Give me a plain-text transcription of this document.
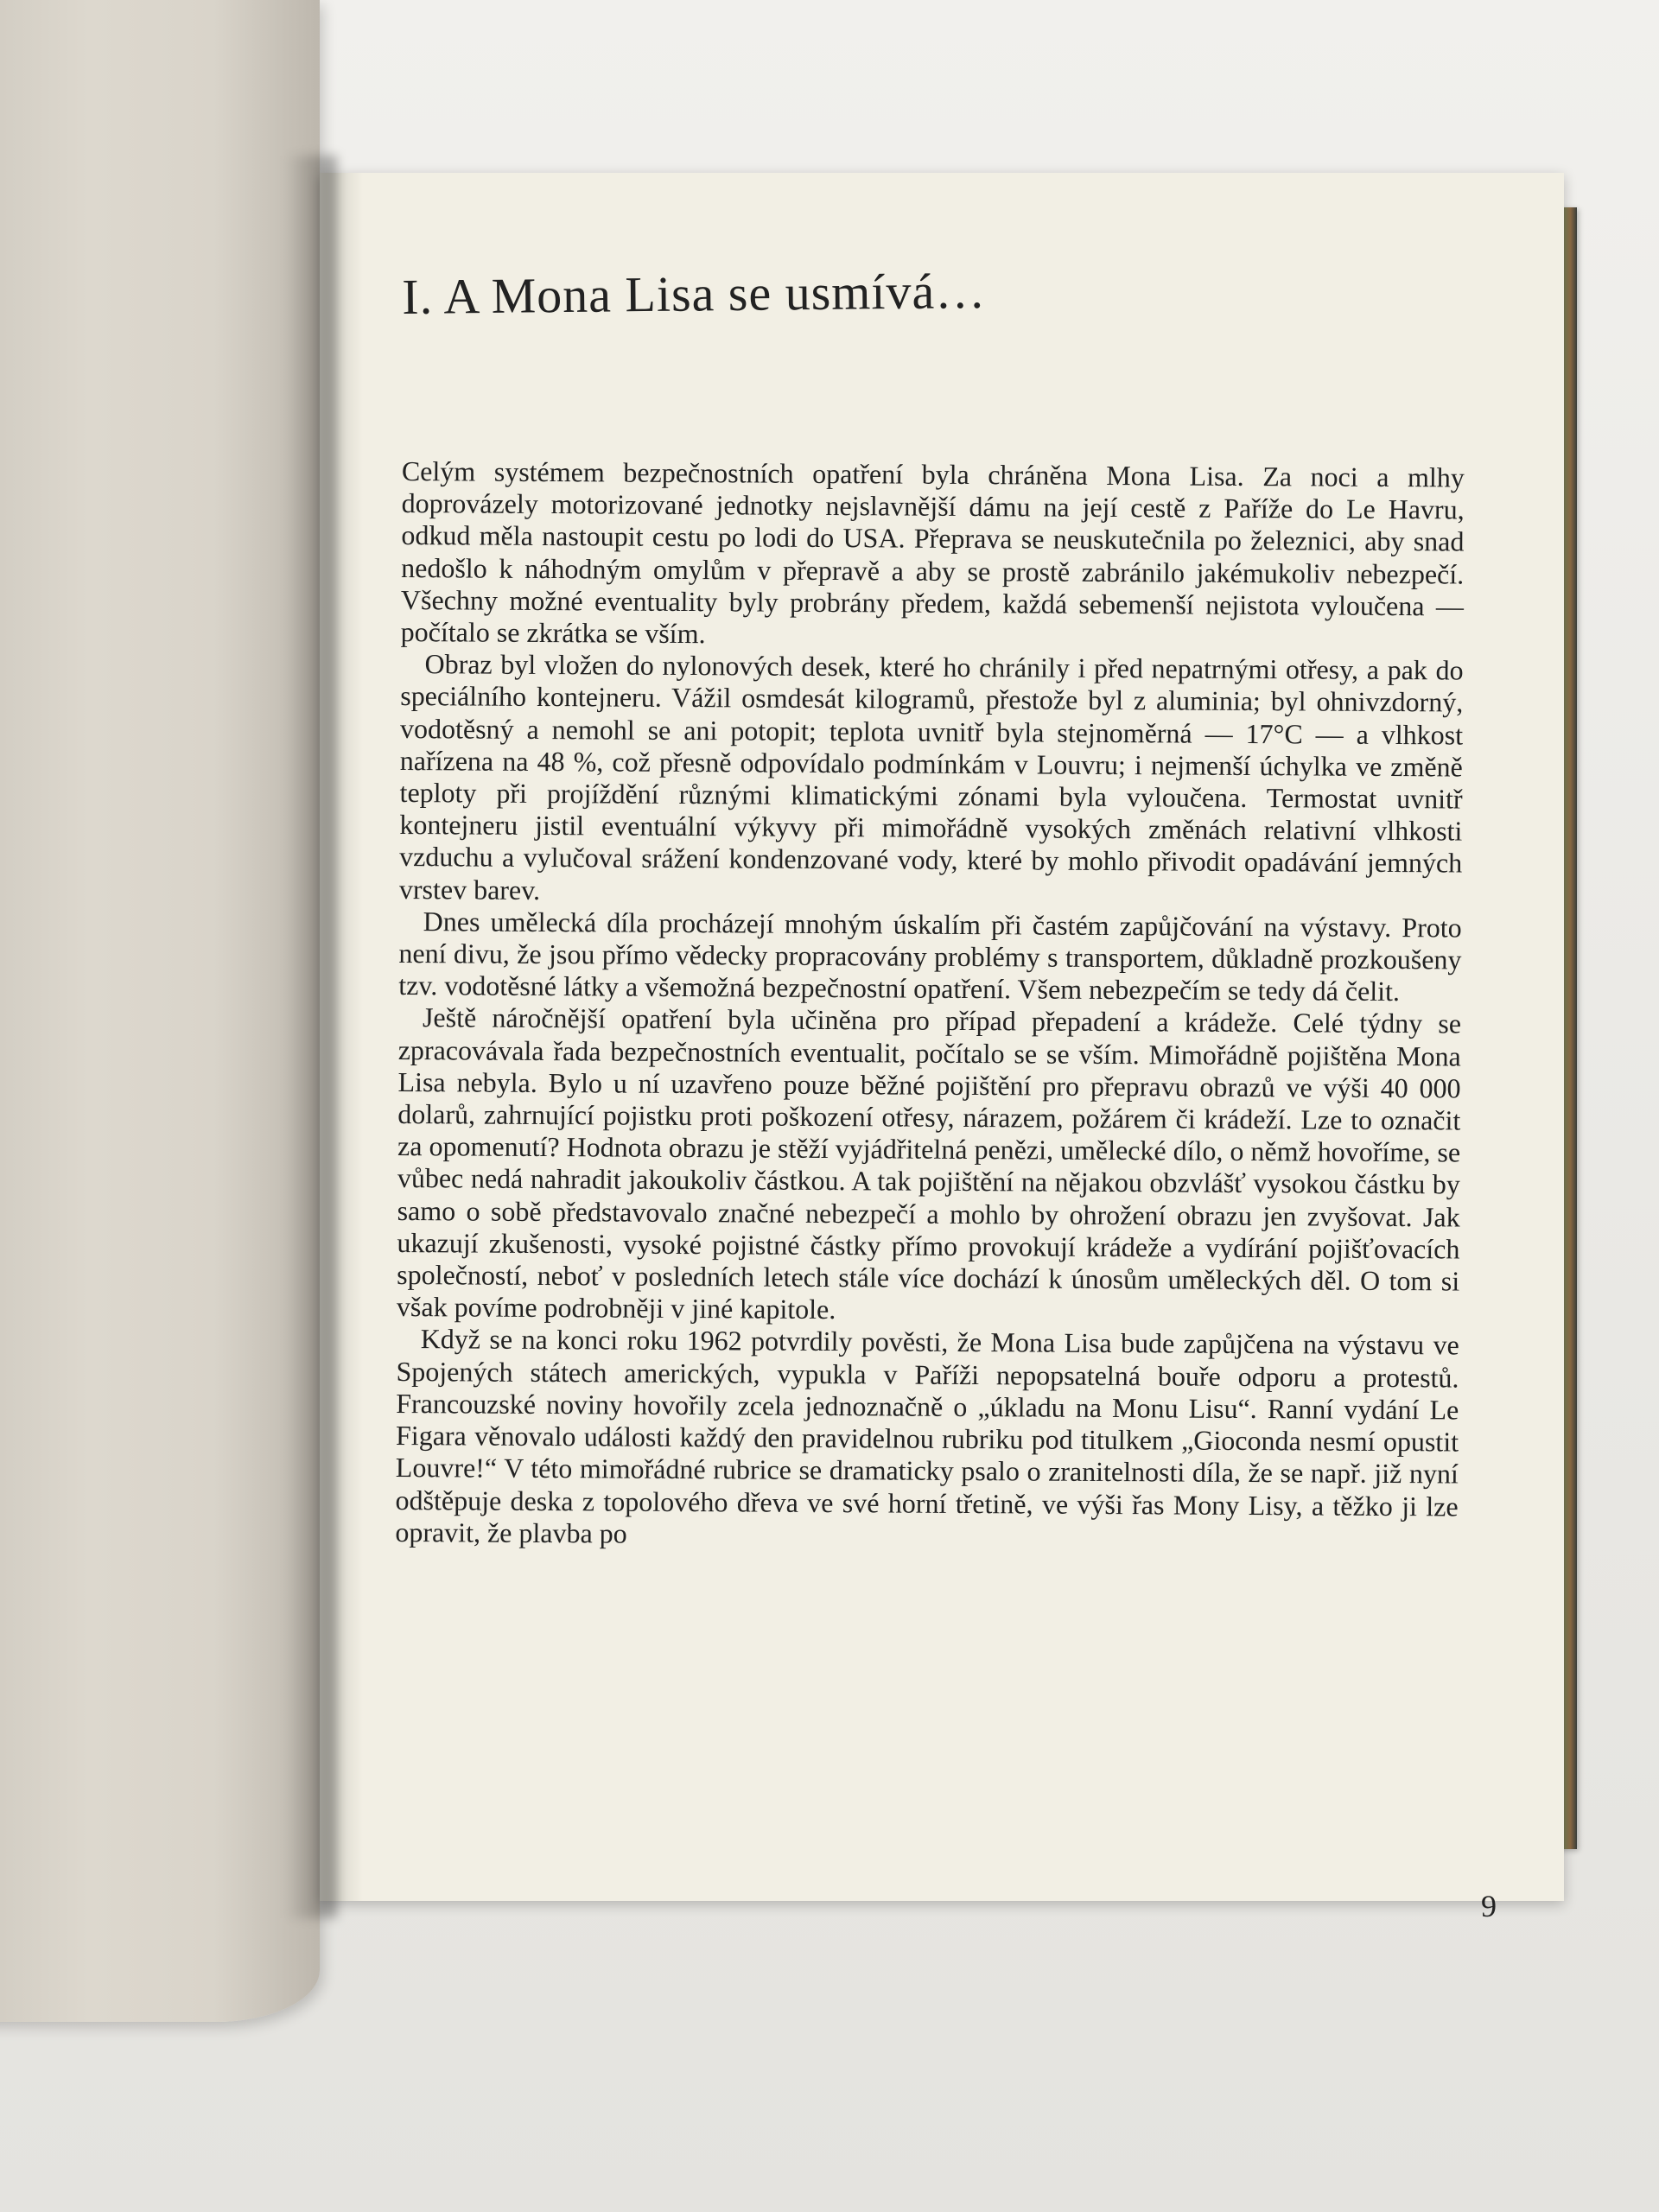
I. A Mona Lisa se usmívá…

Celým systémem bezpečnostních opatření byla chráněna Mona Lisa. Za noci a mlhy doprovázely motorizované jednotky nejslavnější dámu na její cestě z Paříže do Le Havru, odkud měla nastoupit cestu po lodi do USA. Přeprava se neuskutečnila po železnici, aby snad nedošlo k náhodným omylům v přepravě a aby se prostě zabránilo jakémukoliv nebezpečí. Všechny možné eventuality byly probrány předem, každá sebemenší nejistota vyloučena — počítalo se zkrátka se vším.

Obraz byl vložen do nylonových desek, které ho chránily i před nepatrnými otřesy, a pak do speciálního kontejneru. Vážil osmdesát kilogramů, přestože byl z aluminia; byl ohnivzdorný, vodotěsný a nemohl se ani potopit; teplota uvnitř byla stejnoměrná — 17°C — a vlhkost nařízena na 48 %, což přesně odpovídalo podmínkám v Louvru; i nejmenší úchylka ve změně teploty při projíždění různými klimatickými zónami byla vyloučena. Termostat uvnitř kontejneru jistil eventuální výkyvy při mimořádně vysokých změnách relativní vlhkosti vzduchu a vylučoval srážení kondenzované vody, které by mohlo přivodit opadávání jemných vrstev barev.

Dnes umělecká díla procházejí mnohým úskalím při častém zapůjčování na výstavy. Proto není divu, že jsou přímo vědecky propracovány problémy s transportem, důkladně prozkoušeny tzv. vodotěsné látky a všemožná bezpečnostní opatření. Všem nebezpečím se tedy dá čelit.

Ještě náročnější opatření byla učiněna pro případ přepadení a krádeže. Celé týdny se zpracovávala řada bezpečnostních eventualit, počítalo se se vším. Mimořádně pojištěna Mona Lisa nebyla. Bylo u ní uzavřeno pouze běžné pojištění pro přepravu obrazů ve výši 40 000 dolarů, zahrnující pojistku proti poškození otřesy, nárazem, požárem či krádeží. Lze to označit za opomenutí? Hodnota obrazu je stěží vyjádřitelná penězi, umělecké dílo, o němž hovoříme, se vůbec nedá nahradit jakoukoliv částkou. A tak pojištění na nějakou obzvlášť vysokou částku by samo o sobě představovalo značné nebezpečí a mohlo by ohrožení obrazu jen zvyšovat. Jak ukazují zkušenosti, vysoké pojistné částky přímo provokují krádeže a vydírání pojišťovacích společností, neboť v posledních letech stále více dochází k únosům uměleckých děl. O tom si však povíme podrobněji v jiné kapitole.

Když se na konci roku 1962 potvrdily pověsti, že Mona Lisa bude zapůjčena na výstavu ve Spojených státech amerických, vypukla v Paříži nepopsatelná bouře odporu a protestů. Francouzské noviny hovořily zcela jednoznačně o „úkladu na Monu Lisu“. Ranní vydání Le Figara věnovalo události každý den pravidelnou rubriku pod titulkem „Gioconda nesmí opustit Louvre!“ V této mimořádné rubrice se dramaticky psalo o zranitelnosti díla, že se např. již nyní odštěpuje deska z topolového dřeva ve své horní třetině, ve výši řas Mony Lisy, a těžko ji lze opravit, že plavba po

9
